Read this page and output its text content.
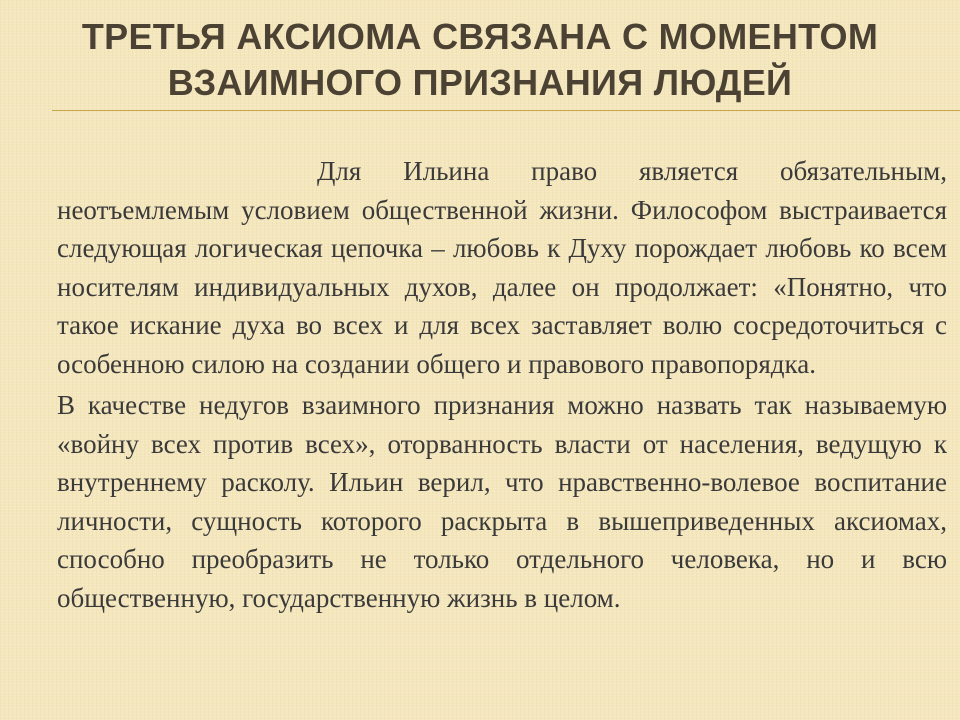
ТРЕТЬЯ АКСИОМА СВЯЗАНА С МОМЕНТОМ ВЗАИМНОГО ПРИЗНАНИЯ ЛЮДЕЙ

Для Ильина право является обязательным, неотъемлемым условием общественной жизни. Философом выстраивается следующая логическая цепочка – любовь к Духу порождает любовь ко всем носителям индивидуальных духов, далее он продолжает: «Понятно, что такое искание духа во всех и для всех заставляет волю сосредоточиться с особенною силою на создании общего и правового правопорядка.

В качестве недугов взаимного признания можно назвать так называемую «войну всех против всех», оторванность власти от населения, ведущую к внутреннему расколу. Ильин верил, что нравственно-волевое воспитание личности, сущность которого раскрыта в вышеприведенных аксиомах, способно преобразить не только отдельного человека, но и всю общественную, государственную жизнь в целом.
